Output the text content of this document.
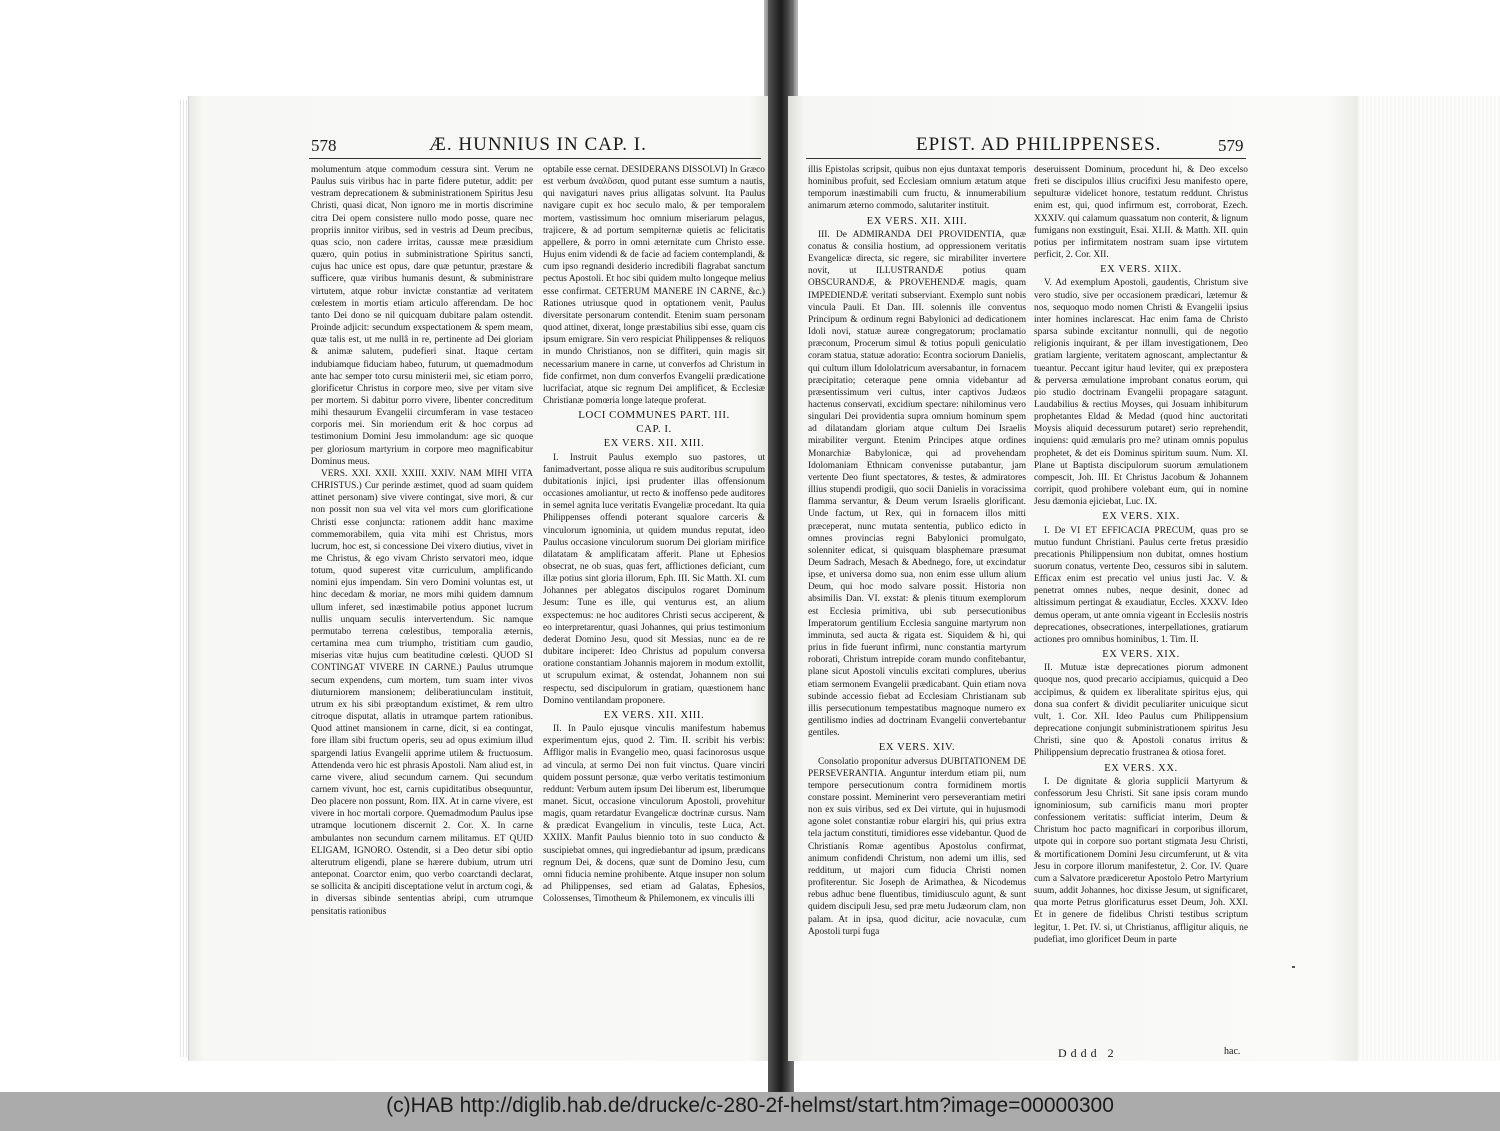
578	Æ. HUNNIUS IN CAP. I.

molumentum atque commodum cessura sint. Verum ne Paulus suis viribus hac in parte fidere putetur, addit: per vestram deprecationem & subministrationem Spiritus Jesu Christi, quasi dicat, Non ignoro me in mortis discrimine citra Dei opem consistere nullo modo posse, quare nec propriis innitor viribus, sed in vestris ad Deum precibus, quas scio, non cadere irritas, caussæ meæ præsidium quæro, quin potius in subministratione Spiritus sancti, cujus hac unice est opus, dare quæ petuntur, præstare & sufficere, quæ viribus humanis desunt, & subministrare virtutem, atque robur invictæ constantiæ ad veritatem cœlestem in mortis etiam articulo afferendam. De hoc tanto Dei dono se nil quicquam dubitare palam ostendit. Proinde adjicit: secundum exspectationem & spem meam, quæ talis est, ut me nullâ in re, pertinente ad Dei gloriam & animæ salutem, pudefieri sinat. Itaque certam indubiamque fiduciam habeo, futurum, ut quemadmodum ante hac semper toto cursu ministerii mei, sic etiam porro, glorificetur Christus in corpore meo, sive per vitam sive per mortem. Si dabitur porro vivere, libenter concreditum mihi thesaurum Evangelii circumferam in vase testaceo corporis mei. Sin moriendum erit & hoc corpus ad testimonium Domini Jesu immolandum: age sic quoque per gloriosum martyrium in corpore meo magnificabitur Dominus meus.

VERS. XXI. XXII. XXIII. XXIV. NAM MIHI VITA CHRISTUS.) Cur perinde æstimet, quod ad suam quidem attinet personam) sive vivere contingat, sive mori, & cur non possit non sua vel vita vel mors cum glorificatione Christi esse conjuncta: rationem addit hanc maxime commemorabilem, quia vita mihi est Christus, mors lucrum, hoc est, si concessione Dei vixero diutius, vivet in me Christus, & ego vivam Christo servatori meo, idque totum, quod superest vitæ curriculum, amplificando nomini ejus impendam. Sin vero Domini voluntas est, ut hinc decedam & moriar, ne mors mihi quidem damnum ullum inferet, sed inæstimabile potius apponet lucrum nullis unquam seculis intervertendum. Sic namque permutabo terrena cœlestibus, temporalia æternis, certamina mea cum triumpho, tristitiam cum gaudio, miserias vitæ hujus cum beatitudine cœlesti. QUOD SI CONTINGAT VIVERE IN CARNE.) Paulus utrumque secum expendens, cum mortem, tum suam inter vivos diuturniorem mansionem; deliberatiunculam instituit, utrum ex his sibi præoptandum existimet, & rem ultro citroque disputat, allatis in utramque partem rationibus. Quod attinet mansionem in carne, dicit, si ea contingat, fore illam sibi fructum operis, seu ad opus eximium illud spargendi latius Evangelii apprime utilem & fructuosum. Attendenda vero hic est phrasis Apostoli. Nam aliud est, in carne vivere, aliud secundum carnem. Qui secundum carnem vivunt, hoc est, carnis cupiditatibus obsequuntur, Deo placere non possunt, Rom. IIX. At in carne vivere, est vivere in hoc mortali corpore. Quemadmodum Paulus ipse utramque locutionem discernit 2. Cor. X. In carne ambulantes non secundum carnem militamus. ET QUID ELIGAM, IGNORO. Ostendit, si a Deo detur sibi optio alterutrum eligendi, plane se hærere dubium, utrum utri anteponat. Coarctor enim, quo verbo coarctandi declarat, se sollicita & ancipiti disceptatione velut in arctum cogi, & in diversas sibinde sententias abripi, cum utrumque pensitatis rationibus

optabile esse cernat. DESIDERANS DISSOLVI) In Græco est verbum ἀναλῦσαι, quod putant esse sumtum a nautis, qui navigaturi naves prius alligatas solvunt. Ita Paulus navigare cupit ex hoc seculo malo, & per temporalem mortem, vastissimum hoc omnium miseriarum pelagus, trajicere, & ad portum sempiternæ quietis ac felicitatis appellere, & porro in omni æternitate cum Christo esse. Hujus enim videndi & de facie ad faciem contemplandi, & cum ipso regnandi desiderio incredibili flagrabat sanctum pectus Apostoli. Et hoc sibi quidem multo longeque melius esse confirmat. CETERUM MANERE IN CARNE, &c.) Rationes utriusque quod in optationem venit, Paulus diversitate personarum contendit. Etenim suam personam quod attinet, dixerat, longe præstabilius sibi esse, quam cis ipsum emigrare. Sin vero respiciat Philippenses & reliquos in mundo Christianos, non se diffiteri, quin magis sit necessarium manere in carne, ut converfos ad Christum in fide confirmet, non dum converfos Evangelii prædicatione lucrifaciat, atque sic regnum Dei amplificet, & Ecclesiæ Christianæ pomœria longe lateque proferat.

LOCI COMMUNES PART. III.
CAP. I.
EX VERS. XII. XIII.

I. Instruit Paulus exemplo suo pastores, ut fanimadvertant, posse aliqua re suis auditoribus scrupulum dubitationis injici, ipsi prudenter illas offensionum occasiones amoliantur, ut recto & inoffenso pede auditores in semel agnita luce veritatis Evangeliæ procedant. Ita quia Philippenses offendi poterant squalore carceris & vinculorum ignominia, ut quidem mundus reputat, ideo Paulus occasione vinculorum suorum Dei gloriam mirifice dilatatam & amplificatam afferit. Plane ut Ephesios obsecrat, ne ob suas, quas fert, afflictiones deficiant, cum illæ potius sint gloria illorum, Eph. III. Sic Matth. XI. cum Johannes per ablegatos discipulos rogaret Dominum Jesum: Tune es ille, qui venturus est, an alium exspectemus: ne hoc auditores Christi secus acciperent, & eo interpretarentur, quasi Johannes, qui prius testimonium dederat Domino Jesu, quod sit Messias, nunc ea de re dubitare inciperet: Ideo Christus ad populum conversa oratione constantiam Johannis majorem in modum extollit, ut scrupulum eximat, & ostendat, Johannem non sui respectu, sed discipulorum in gratiam, quæstionem hanc Domino ventilandam proponere.

EX VERS. XII. XIII.

II. In Paulo ejusque vinculis manifestum habemus experimentum ejus, quod 2. Tim. II. scribit his verbis: Affligor malis in Evangelio meo, quasi facinorosus usque ad vincula, at sermo Dei non fuit vinctus. Quare vinciri quidem possunt personæ, quæ verbo veritatis testimonium reddunt: Verbum autem ipsum Dei liberum est, liberumque manet. Sicut, occasione vinculorum Apostoli, provehitur magis, quam retardatur Evangelicæ doctrinæ cursus. Nam & prædicat Evangelium in vinculis, teste Luca, Act. XXIIX. Manfit Paulus biennio toto in suo conducto & suscipiebat omnes, qui ingrediebantur ad ipsum, prædicans regnum Dei, & docens, quæ sunt de Domino Jesu, cum omni fiducia nemine prohibente. Atque insuper non solum ad Philippenses, sed etiam ad Galatas, Ephesios, Colossenses, Timotheum & Philemonem, ex vinculis illi

EPIST. AD PHILIPPENSES.	579

illis Epistolas scripsit, quibus non ejus duntaxat temporis hominibus profuit, sed Ecclesiam omnium ætatum atque temporum inæstimabili cum fructu, & innumerabilium animarum æterno commodo, salutariter instituit.

EX VERS. XII. XIII.

III. De ADMIRANDA DEI PROVIDENTIA, quæ conatus & consilia hostium, ad oppressionem veritatis Evangelicæ directa, sic regere, sic mirabiliter invertere novit, ut ILLUSTRANDÆ potius quam OBSCURANDÆ, & PROVEHENDÆ magis, quam IMPEDIENDÆ veritati subserviant. Exemplo sunt nobis vincula Pauli. Et Dan. III. solennis ille conventus Principum & ordinum regni Babylonici ad dedicationem Idoli novi, statuæ aureæ congregatorum; proclamatio præconum, Procerum simul & totius populi geniculatio coram statua, statuæ adoratio: Econtra sociorum Danielis, qui cultum illum Idololatricum aversabantur, in fornacem præcipitatio; ceteraque pene omnia videbantur ad præsentissimum veri cultus, inter captivos Judæos hactenus conservati, excidium spectare: nihilominus vero singulari Dei providentia supra omnium hominum spem ad dilatandam gloriam atque cultum Dei Israelis mirabiliter vergunt. Etenim Principes atque ordines Monarchiæ Babylonicæ, qui ad provehendam Idolomaniam Ethnicam convenisse putabantur, jam vertente Deo fiunt spectatores, & testes, & admiratores illius stupendi prodigii, quo socii Danielis in voracissima flamma servantur, & Deum verum Israelis glorificant. Unde factum, ut Rex, qui in fornacem illos mitti præceperat, nunc mutata sententia, publico edicto in omnes provincias regni Babylonici promulgato, solenniter edicat, si quisquam blasphemare præsumat Deum Sadrach, Mesach & Abednego, fore, ut excindatur ipse, et universa domo sua, non enim esse ullum alium Deum, qui hoc modo salvare possit. Historia non absimilis Dan. VI. exstat: & plenis tituum exemplorum est Ecclesia primitiva, ubi sub persecutionibus Imperatorum gentilium Ecclesia sanguine martyrum non imminuta, sed aucta & rigata est. Siquidem & hi, qui prius in fide fuerunt infirmi, nunc constantia martyrum roborati, Christum intrepide coram mundo confitebantur, plane sicut Apostoli vinculis excitati complures, uberius etiam sermonem Evangelii prædicabant. Quin etiam nova subinde accessio fiebat ad Ecclesiam Christianam sub illis persecutionum tempestatibus magnoque numero ex gentilismo indies ad doctrinam Evangelii convertebantur gentiles.

EX VERS. XIV.

Consolatio proponitur adversus DUBITATIONEM DE PERSEVERANTIA. Anguntur interdum etiam pii, num tempore persecutionum contra formidinem mortis constare possint. Meminerint vero perseverantiam metiri non ex suis viribus, sed ex Dei virtute, qui in hujusmodi agone solet constantiæ robur elargiri his, qui prius extra tela jactum constituti, timidiores esse videbantur. Quod de Christianis Romæ agentibus Apostolus confirmat, animum confidendi Christum, non ademi um illis, sed redditum, ut majori cum fiducia Christi nomen profiterentur. Sic Joseph de Arimathea, & Nicodemus rebus adhuc bene fluentibus, timidiusculo agunt, & sunt quidem discipuli Jesu, sed præ metu Judæorum clam, non palam. At in ipsa, quod dicitur, acie novaculæ, cum Apostoli turpi fuga

deseruissent Dominum, procedunt hi, & Deo excelso freti se discipulos illius crucifixi Jesu manifesto opere, sepulturæ videlicet honore, testatum reddunt. Christus enim est, qui, quod infirmum est, corroborat, Ezech. XXXIV. qui calamum quassatum non conterit, & lignum fumigans non exstinguit, Esai. XLII. & Matth. XII. quin potius per infirmitatem nostram suam ipse virtutem perficit, 2. Cor. XII.

EX VERS. XIIX.

V. Ad exemplum Apostoli, gaudentis, Christum sive vero studio, sive per occasionem prædicari, lætemur & nos, sequoquo modo nomen Christi & Evangelii ipsius inter homines inclarescat. Hac enim fama de Christo sparsa subinde excitantur nonnulli, qui de negotio religionis inquirant, & per illam investigationem, Deo gratiam largiente, veritatem agnoscant, amplectantur & tueantur. Peccant igitur haud leviter, qui ex præpostera & perversa æmulatione improbant conatus eorum, qui pio studio doctrinam Evangelii propagare satagunt. Laudabilius & rectius Moyses, qui Josuam inhibiturum prophetantes Eldad & Medad (quod hinc auctoritati Moysis aliquid decessurum putaret) serio reprehendit, inquiens: quid æmularis pro me? utinam omnis populus prophetet, & det eis Dominus spiritum suum. Num. XI. Plane ut Baptista discipulorum suorum æmulationem compescit, Joh. III. Et Christus Jacobum & Johannem corripit, quod prohibere volebant eum, qui in nomine Jesu dæmonia ejiciebat, Luc. IX.

EX VERS. XIX.

I. De VI ET EFFICACIA PRECUM, quas pro se mutuo fundunt Christiani. Paulus certe fretus præsidio precationis Philippensium non dubitat, omnes hostium suorum conatus, vertente Deo, cessuros sibi in salutem. Efficax enim est precatio vel unius justi Jac. V. & penetrat omnes nubes, neque desinit, donec ad altissimum pertingat & exaudiatur, Eccles. XXXV. Ideo demus operam, ut ante omnia vigeant in Ecclesiis nostris deprecationes, obsecrationes, interpellationes, gratiarum actiones pro omnibus hominibus, 1. Tim. II.

EX VERS. XIX.

II. Mutuæ istæ deprecationes piorum admonent quoque nos, quod precario accipiamus, quicquid a Deo accipimus, & quidem ex liberalitate spiritus ejus, qui dona sua confert & dividit peculiariter unicuique sicut vult, 1. Cor. XII. Ideo Paulus cum Philippensium deprecatione conjungit subministrationem spiritus Jesu Christi, sine quo & Apostoli conatus irritus & Philippensium deprecatio frustranea & otiosa foret.

EX VERS. XX.

I. De dignitate & gloria supplicii Martyrum & confessorum Jesu Christi. Sit sane ipsis coram mundo ignominiosum, sub carnificis manu mori propter confessionem veritatis: sufficiat interim, Deum & Christum hoc pacto magnificari in corporibus illorum, utpote qui in corpore suo portant stigmata Jesu Christi, & mortificationem Domini Jesu circumferunt, ut & vita Jesu in corpore illorum manifestetur, 2. Cor. IV. Quare cum a Salvatore prædiceretur Apostolo Petro Martyrium suum, addit Johannes, hoc dixisse Jesum, ut significaret, qua morte Petrus glorificaturus esset Deum, Joh. XXI. Et in genere de fidelibus Christi testibus scriptum legitur, 1. Pet. IV. si, ut Christianus, affligitur aliquis, ne pudefiat, imo glorificet Deum in parte

Dddd 2	hac.
(c)HAB http://diglib.hab.de/drucke/c-280-2f-helmst/start.htm?image=00000300
